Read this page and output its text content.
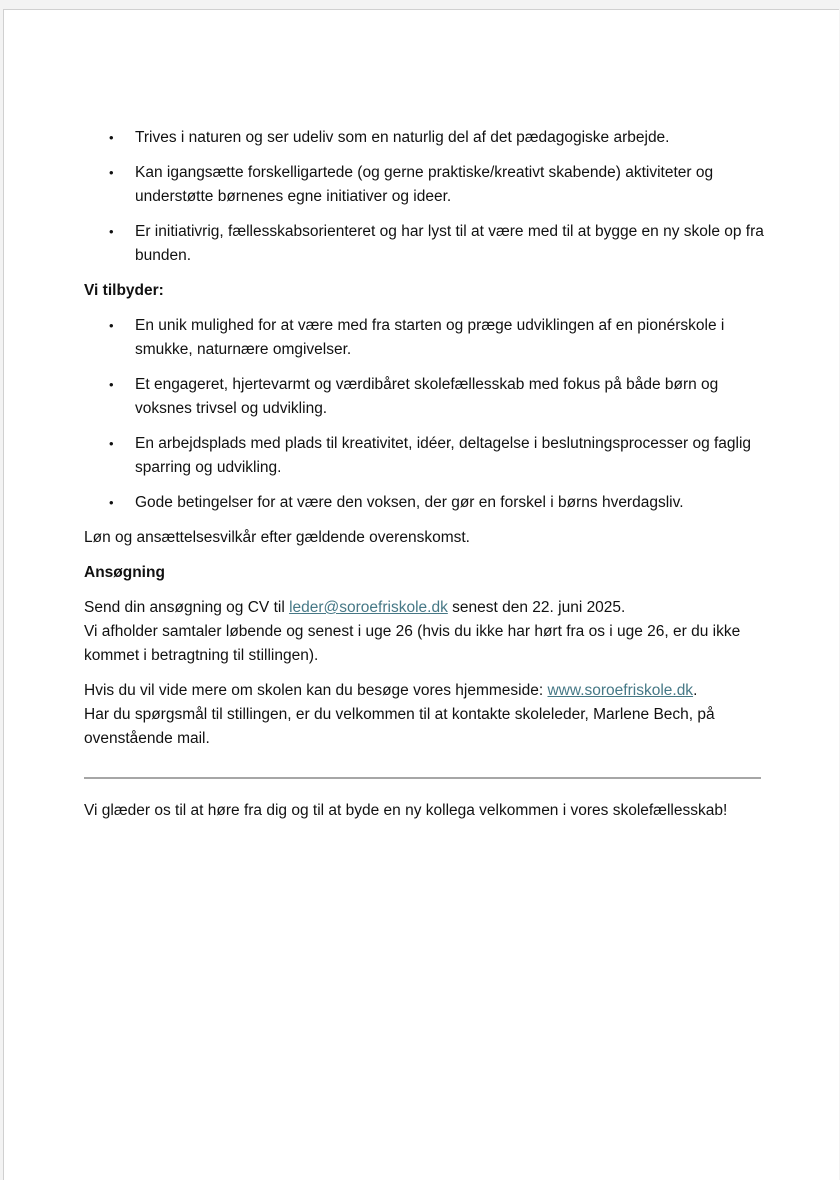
• Trives i naturen og ser udeliv som en naturlig del af det pædagogiske arbejde.
• Kan igangsætte forskelligartede (og gerne praktiske/kreativt skabende) aktiviteter og understøtte børnenes egne initiativer og ideer.
• Er initiativrig, fællesskabsorienteret og har lyst til at være med til at bygge en ny skole op fra bunden.
Vi tilbyder:
• En unik mulighed for at være med fra starten og præge udviklingen af en pionérskole i smukke, naturnære omgivelser.
• Et engageret, hjertevarmt og værdibåret skolefællesskab med fokus på både børn og voksnes trivsel og udvikling.
• En arbejdsplads med plads til kreativitet, idéer, deltagelse i beslutningsprocesser og faglig sparring og udvikling.
• Gode betingelser for at være den voksen, der gør en forskel i børns hverdagsliv.

Løn og ansættelsesvilkår efter gældende overenskomst.

Ansøgning

Send din ansøgning og CV til leder@soroefriskole.dk senest den 22. juni 2025.
Vi afholder samtaler løbende og senest i uge 26 (hvis du ikke har hørt fra os i uge 26, er du ikke kommet i betragtning til stillingen).

Hvis du vil vide mere om skolen kan du besøge vores hjemmeside: www.soroefriskole.dk.
Har du spørgsmål til stillingen, er du velkommen til at kontakte skoleleder, Marlene Bech, på ovenstående mail.

Vi glæder os til at høre fra dig og til at byde en ny kollega velkommen i vores skolefællesskab!
